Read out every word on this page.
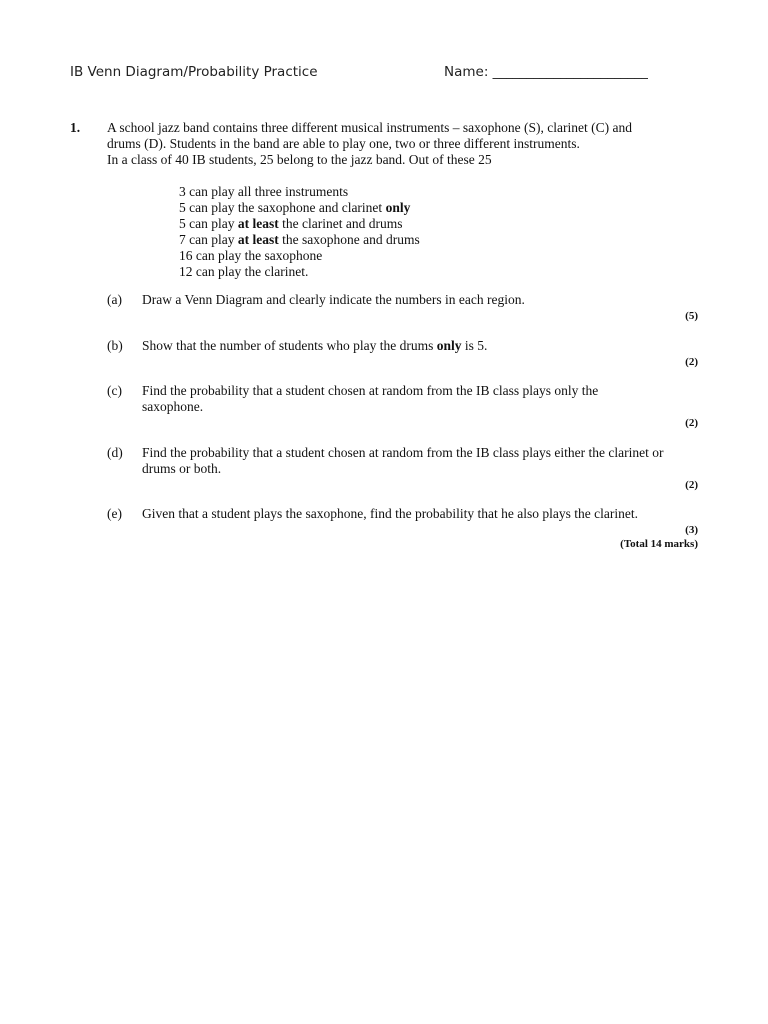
IB Venn Diagram/Probability Practice	Name: _______________________
1. A school jazz band contains three different musical instruments – saxophone (S), clarinet (C) and

drums (D). Students in the band are able to play one, two or three different instruments.

In a class of 40 IB students, 25 belong to the jazz band. Out of these 25

3 can play all three instruments
5 can play the saxophone and clarinet only
5 can play at least the clarinet and drums
7 can play at least the saxophone and drums
16 can play the saxophone
12 can play the clarinet.
(a) Draw a Venn Diagram and clearly indicate the numbers in each region.
(5)
(b) Show that the number of students who play the drums only is 5.
(2)
(c) Find the probability that a student chosen at random from the IB class plays only the saxophone.
(2)
(d) Find the probability that a student chosen at random from the IB class plays either the clarinet or drums or both.
(2)
(e) Given that a student plays the saxophone, find the probability that he also plays the clarinet.
(3)
(Total 14 marks)
